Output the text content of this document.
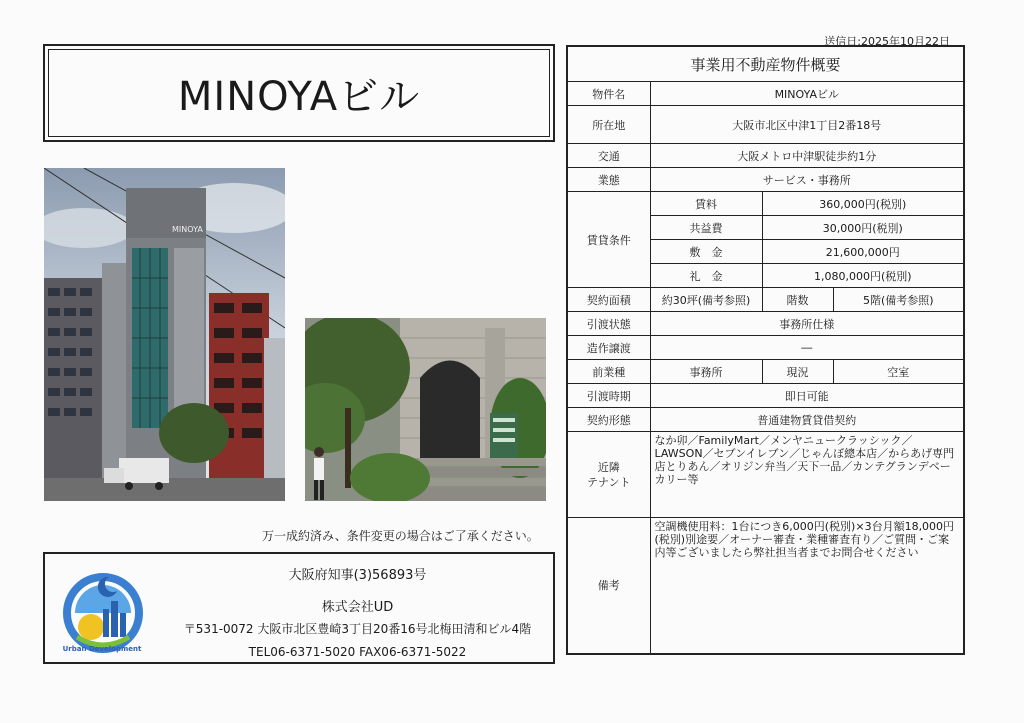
送信日:2025年10月22日
MINOYAビル
MINOYA
万一成約済み、条件変更の場合はご了承ください。
Urban Development
大阪府知事(3)56893号
株式会社UD
〒531-0072 大阪市北区豊崎3丁目20番16号北梅田清和ビル4階
TEL06-6371-5020 FAX06-6371-5022
事業用不動産物件概要			
物件名	MINOYAビル		
所在地	大阪市北区中津1丁目2番18号		
交通	大阪メトロ中津駅徒歩約1分		
業態	サービス・事務所		
賃貸条件	賃料	360,000円(税別)	
	共益費	30,000円(税別)	
	敷　金	21,600,000円	
	礼　金	1,080,000円(税別)	
契約面積	約30坪(備考参照)	階数	5階(備考参照)
引渡状態	事務所仕様		
造作譲渡	―		
前業種	事務所	現況	空室
引渡時期	即日可能		
契約形態	普通建物賃貸借契約		
近隣
テナント	なか卯／FamilyMart／メンヤニュークラッシック／LAWSON／セブンイレブン／じゃんぼ總本店／からあげ専門店とりあん／オリジン弁当／天下一品／カンテグランデベーカリー等		
備考	空調機使用料：1台につき6,000円(税別)×3台月額18,000円(税別)別途要／オーナー審査・業種審査有り／ご質問・ご案内等ございましたら弊社担当者までお問合せください		
